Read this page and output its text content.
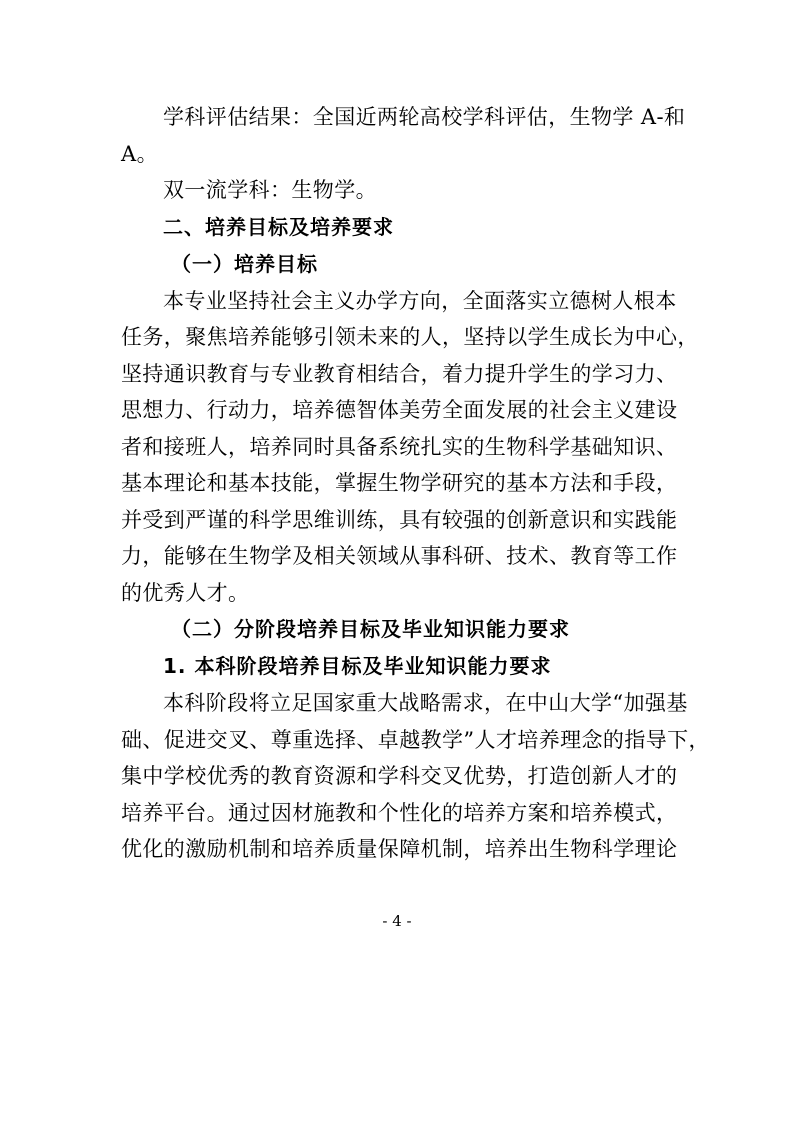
学科评估结果：全国近两轮高校学科评估，生物学 A-和
A。
双一流学科：生物学。
二、培养目标及培养要求
（一）培养目标
本专业坚持社会主义办学方向，全面落实立德树人根本
任务，聚焦培养能够引领未来的人，坚持以学生成长为中心，
坚持通识教育与专业教育相结合，着力提升学生的学习力、
思想力、行动力，培养德智体美劳全面发展的社会主义建设
者和接班人，培养同时具备系统扎实的生物科学基础知识、
基本理论和基本技能，掌握生物学研究的基本方法和手段，
并受到严谨的科学思维训练，具有较强的创新意识和实践能
力，能够在生物学及相关领域从事科研、技术、教育等工作
的优秀人才。
（二）分阶段培养目标及毕业知识能力要求
1. 本科阶段培养目标及毕业知识能力要求
本科阶段将立足国家重大战略需求，在中山大学“加强基
础、促进交叉、尊重选择、卓越教学”人才培养理念的指导下，
集中学校优秀的教育资源和学科交叉优势，打造创新人才的
培养平台。通过因材施教和个性化的培养方案和培养模式，
优化的激励机制和培养质量保障机制，培养出生物科学理论
- 4 -
